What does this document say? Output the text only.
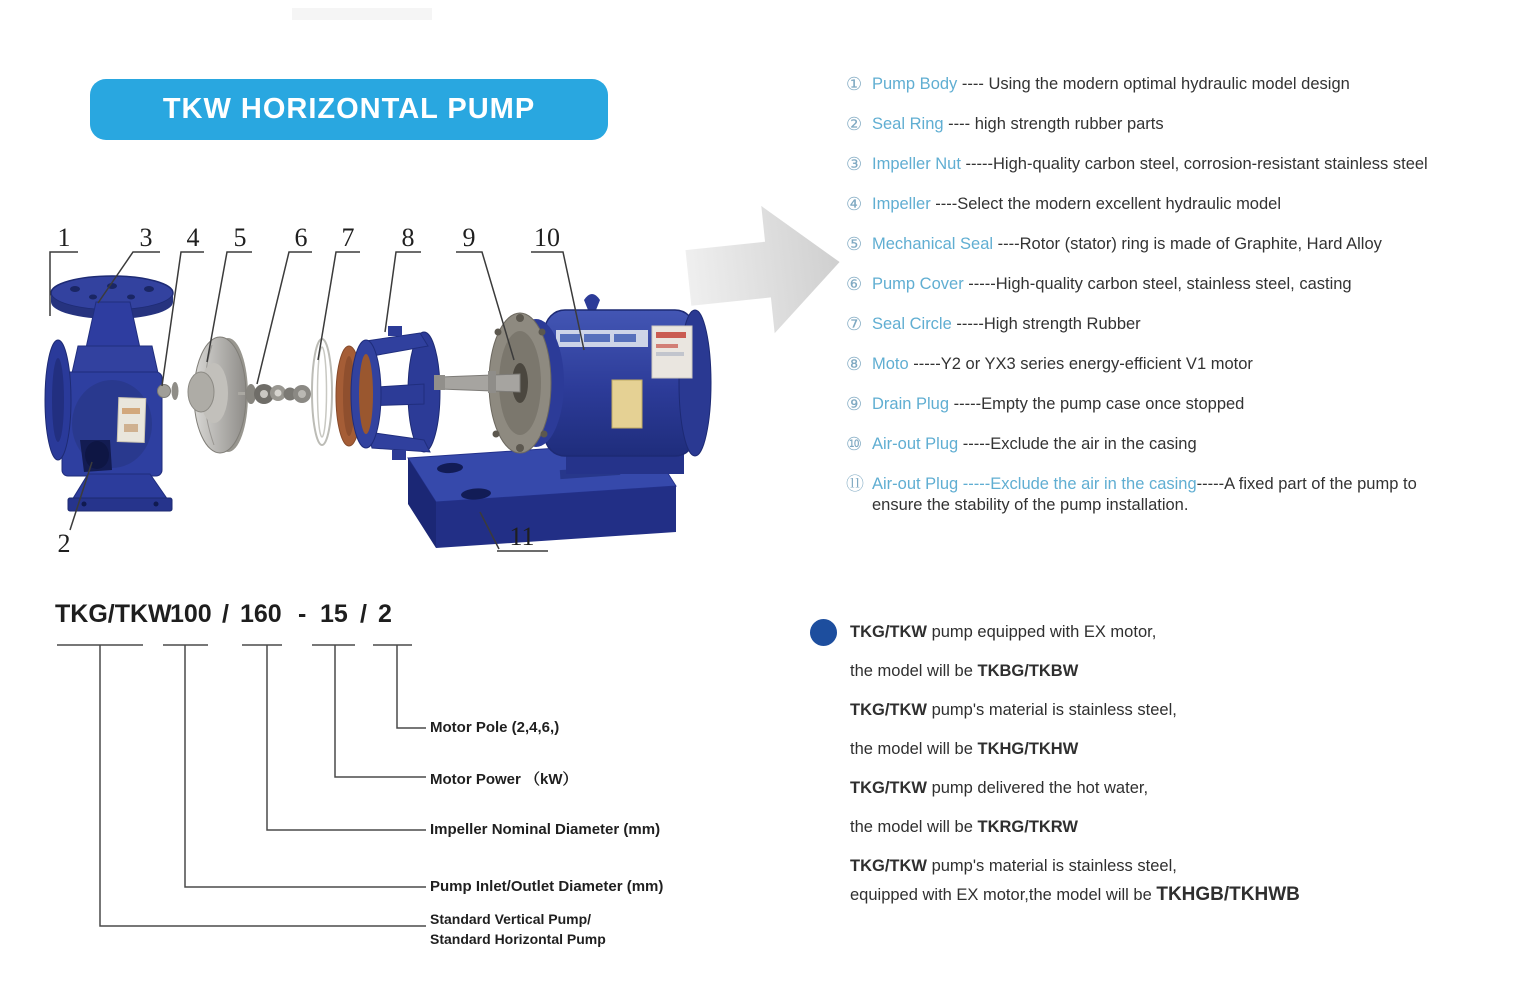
1
2
3 4 5 6 7 8 9 10
11
TKW HORIZONTAL PUMP
① Pump Body ---- Using the modern optimal hydraulic model design
② Seal Ring ---- high strength rubber parts
③ Impeller Nut -----High-quality carbon steel, corrosion-resistant stainless steel
④ Impeller ----Select the modern excellent hydraulic model
⑤ Mechanical Seal ----Rotor (stator) ring is made of Graphite, Hard Alloy
⑥ Pump Cover -----High-quality carbon steel, stainless steel, casting
⑦ Seal Circle -----High strength Rubber
⑧ Moto -----Y2 or YX3 series energy-efficient V1 motor
⑨ Drain Plug -----Empty the pump case once stopped
⑩ Air-out Plug -----Exclude the air in the casing
⑪ Air-out Plug -----Exclude the air in the casing-----A fixed part of the pump to
ensure the stability of the pump installation.
TKG/TKW
100 / 160 - 15 / 2
Motor Pole (2,4,6,)
Motor Power （kW）
Impeller Nominal Diameter (mm)
Pump Inlet/Outlet Diameter (mm)
Standard Vertical Pump/
Standard Horizontal Pump
TKG/TKW pump equipped with EX motor,
the model will be TKBG/TKBW
TKG/TKW pump's material is stainless steel,
the model will be TKHG/TKHW
TKG/TKW pump delivered the hot water,
the model will be TKRG/TKRW
TKG/TKW pump's material is stainless steel,
equipped with EX motor,the model will be TKHGB/TKHWB
